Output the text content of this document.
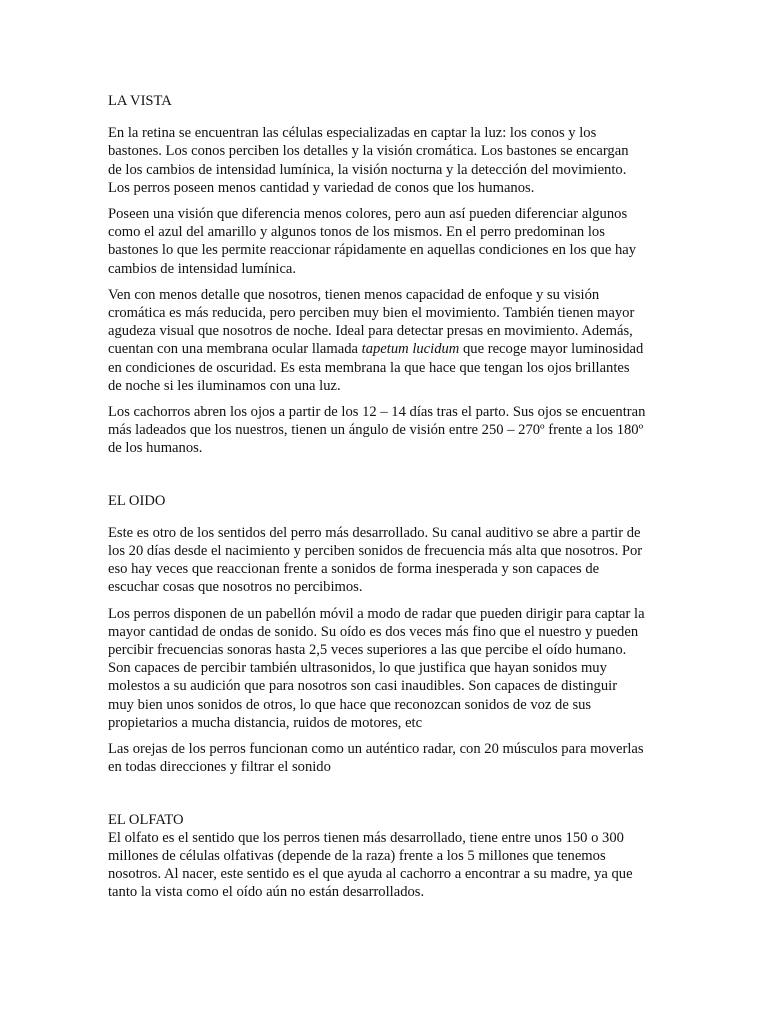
LA VISTA

En la retina se encuentran las células especializadas en captar la luz: los conos y los
bastones. Los conos perciben los detalles y la visión cromática. Los bastones se encargan
de los cambios de intensidad lumínica, la visión nocturna y la detección del movimiento.
Los perros poseen menos cantidad y variedad de conos que los humanos.

Poseen una visión que diferencia menos colores, pero aun así pueden diferenciar algunos
como el azul del amarillo y algunos tonos de los mismos. En el perro predominan los
bastones lo que les permite reaccionar rápidamente en aquellas condiciones en los que hay
cambios de intensidad lumínica.

Ven con menos detalle que nosotros, tienen menos capacidad de enfoque y su visión
cromática es más reducida, pero perciben muy bien el movimiento. También tienen mayor
agudeza visual que nosotros de noche. Ideal para detectar presas en movimiento. Además,
cuentan con una membrana ocular llamada tapetum lucidum que recoge mayor luminosidad
en condiciones de oscuridad. Es esta membrana la que hace que tengan los ojos brillantes
de noche si les iluminamos con una luz.

Los cachorros abren los ojos a partir de los 12 – 14 días tras el parto. Sus ojos se encuentran
más ladeados que los nuestros, tienen un ángulo de visión entre 250 – 270º frente a los 180º
de los humanos.

EL OIDO

Este es otro de los sentidos del perro más desarrollado. Su canal auditivo se abre a partir de
los 20 días desde el nacimiento y perciben sonidos de frecuencia más alta que nosotros. Por
eso hay veces que reaccionan frente a sonidos de forma inesperada y son capaces de
escuchar cosas que nosotros no percibimos.

Los perros disponen de un pabellón móvil a modo de radar que pueden dirigir para captar la
mayor cantidad de ondas de sonido. Su oído es dos veces más fino que el nuestro y pueden
percibir frecuencias sonoras hasta 2,5 veces superiores a las que percibe el oído humano.
Son capaces de percibir también ultrasonidos, lo que justifica que hayan sonidos muy
molestos a su audición que para nosotros son casi inaudibles. Son capaces de distinguir
muy bien unos sonidos de otros, lo que hace que reconozcan sonidos de voz de sus
propietarios a mucha distancia, ruidos de motores, etc

Las orejas de los perros funcionan como un auténtico radar, con 20 músculos para moverlas
en todas direcciones y filtrar el sonido

EL OLFATO

El olfato es el sentido que los perros tienen más desarrollado, tiene entre unos 150 o 300
millones de células olfativas (depende de la raza) frente a los 5 millones que tenemos
nosotros. Al nacer, este sentido es el que ayuda al cachorro a encontrar a su madre, ya que
tanto la vista como el oído aún no están desarrollados.
